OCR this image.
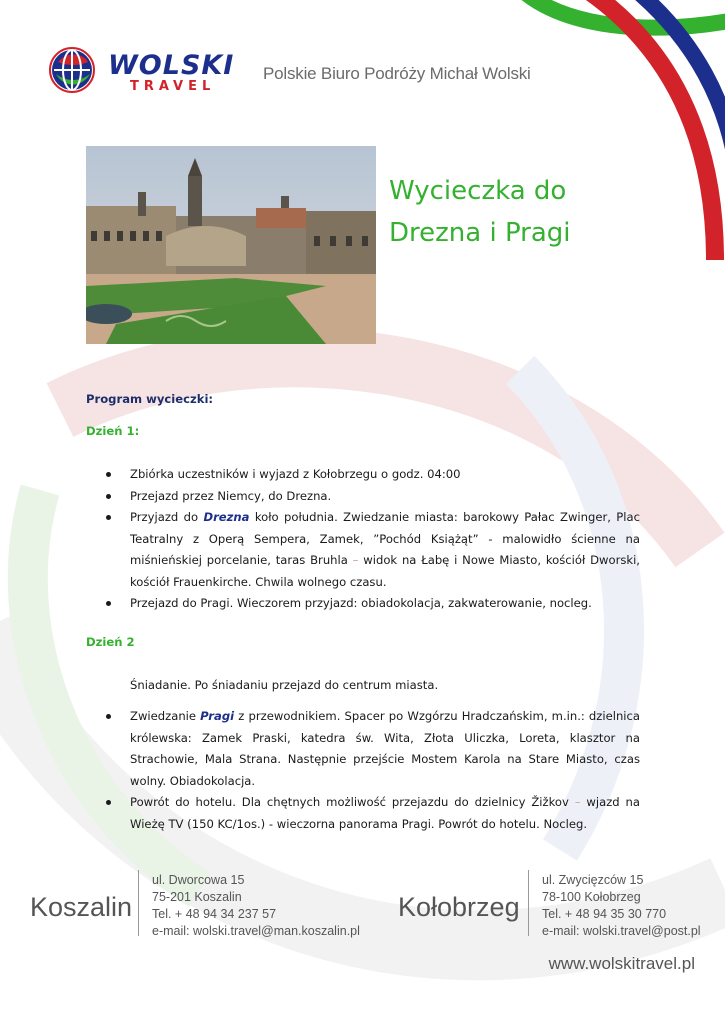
WOLSKI
TRAVEL
Polskie Biuro Podróży Michał Wolski
Wycieczka do
Drezna i Pragi
Program wycieczki:
Dzień 1:
Zbiórka uczestników i wyjazd z Kołobrzegu o godz. 04:00
Przejazd przez Niemcy, do Drezna.
Przyjazd do Drezna koło południa. Zwiedzanie miasta: barokowy Pałac Zwinger, Plac Teatralny z Operą Sempera, Zamek, ”Pochód Książąt” - malowidło ścienne na miśnieńskiej porcelanie, taras Bruhla – widok na Łabę i Nowe Miasto, kościół Dworski, kościół Frauenkirche. Chwila wolnego czasu.
Przejazd do Pragi. Wieczorem przyjazd: obiadokolacja, zakwaterowanie, nocleg.
Dzień 2
Śniadanie. Po śniadaniu przejazd do centrum miasta.
Zwiedzanie Pragi z przewodnikiem. Spacer po Wzgórzu Hradczańskim, m.in.: dzielnica królewska: Zamek Praski, katedra św. Wita, Złota Uliczka, Loreta, klasztor na Strachowie, Mala Strana. Następnie przejście Mostem Karola na Stare Miasto, czas wolny. Obiadokolacja.
Powrót do hotelu. Dla chętnych możliwość przejazdu do dzielnicy Žižkov – wjazd na Wieżę TV (150 KC/1os.) - wieczorna panorama Pragi. Powrót do hotelu. Nocleg.
Koszalin
ul. Dworcowa 15
75-201 Koszalin
Tel. + 48 94 34 237 57
e-mail: wolski.travel@man.koszalin.pl
Kołobrzeg
ul. Zwycięzców 15
78-100 Kołobrzeg
Tel. + 48 94 35 30 770
e-mail: wolski.travel@post.pl
www.wolskitravel.pl
